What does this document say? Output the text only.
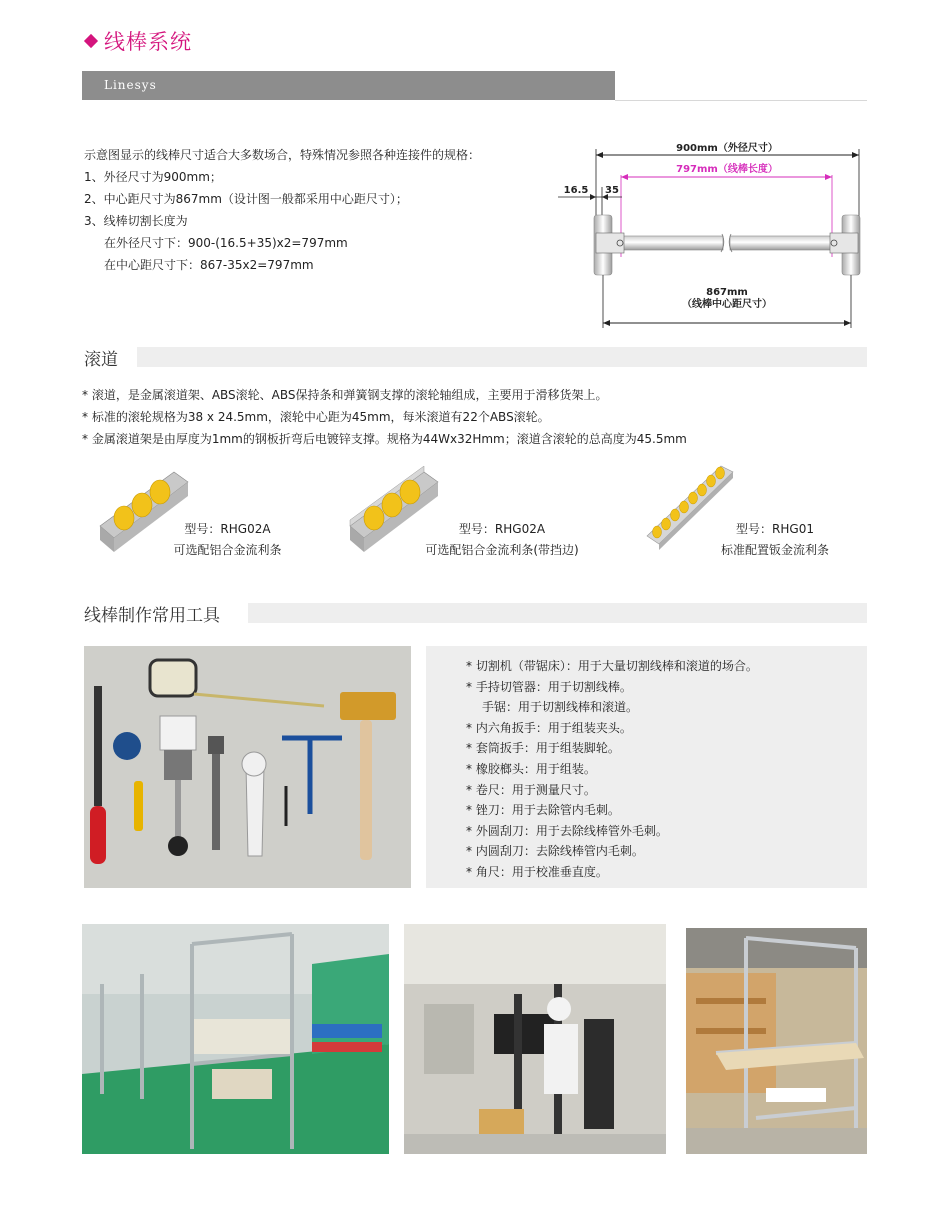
线棒系统
Linesys
示意图显示的线棒尺寸适合大多数场合，特殊情况参照各种连接件的规格：
1、外径尺寸为900mm；
2、中心距尺寸为867mm（设计图一般都采用中心距尺寸）；
3、线棒切割长度为
在外径尺寸下：900-(16.5+35)x2=797mm
在中心距尺寸下：867-35x2=797mm
900mm（外径尺寸）
797mm（线棒长度）
16.5 35
867mm
（线棒中心距尺寸）
滚道
* 滚道，是金属滚道架、ABS滚轮、ABS保持条和弹簧钢支撑的滚轮轴组成，主要用于滑移货架上。
* 标准的滚轮规格为38 x 24.5mm，滚轮中心距为45mm，每米滚道有22个ABS滚轮。
* 金属滚道架是由厚度为1mm的钢板折弯后电镀锌支撑。规格为44Wx32Hmm；滚道含滚轮的总高度为45.5mm
型号：RHG02A
可选配铝合金流利条
型号：RHG02A
可选配铝合金流利条(带挡边)
型号：RHG01
标准配置钣金流利条
线棒制作常用工具
* 切割机（带锯床）：用于大量切割线棒和滚道的场合。
* 手持切管器：用于切割线棒。
手锯：用于切割线棒和滚道。
* 内六角扳手：用于组装夹头。
* 套筒扳手：用于组装脚轮。
* 橡胶榔头：用于组装。
* 卷尺：用于测量尺寸。
* 锉刀：用于去除管内毛刺。
* 外圆刮刀：用于去除线棒管外毛刺。
* 内圆刮刀：去除线棒管内毛刺。
* 角尺：用于校准垂直度。
